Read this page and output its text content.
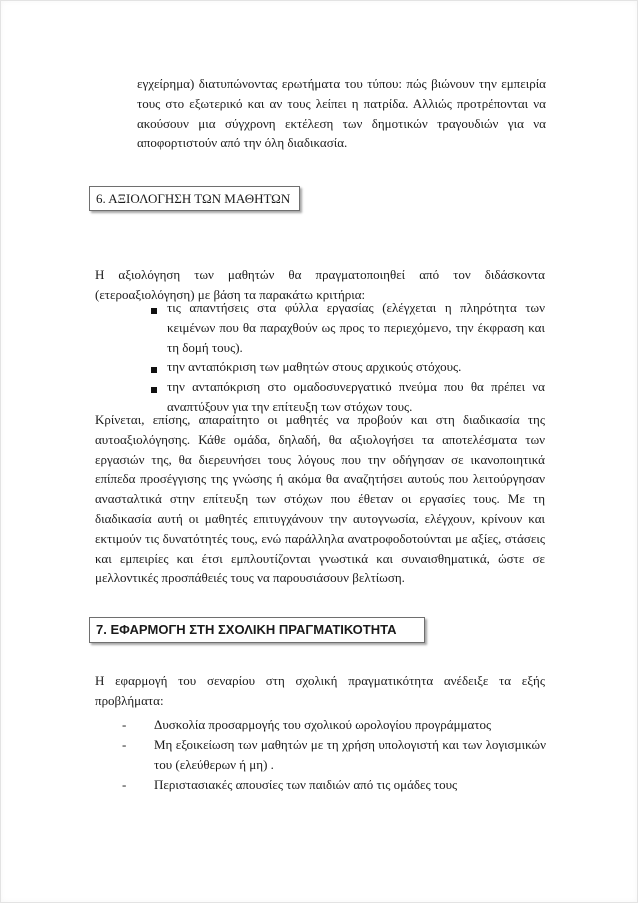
εγχείρημα) διατυπώνοντας ερωτήματα του τύπου: πώς βιώνουν την εμπειρία τους στο εξωτερικό και αν τους λείπει η πατρίδα. Αλλιώς προτρέπονται να ακούσουν μια σύγχρονη εκτέλεση των δημοτικών τραγουδιών για να αποφορτιστούν από την όλη διαδικασία.

6. ΑΞΙΟΛΟΓΗΣΗ ΤΩΝ ΜΑΘΗΤΩΝ

Η αξιολόγηση των μαθητών θα πραγματοποιηθεί από τον διδάσκοντα (ετεροαξιολόγηση) με βάση τα παρακάτω κριτήρια:

τις απαντήσεις στα φύλλα εργασίας (ελέγχεται η πληρότητα των κειμένων που θα παραχθούν ως προς το περιεχόμενο, την έκφραση και τη δομή τους).

την ανταπόκριση των μαθητών στους αρχικούς στόχους.

την ανταπόκριση στο ομαδοσυνεργατικό πνεύμα που θα πρέπει να αναπτύξουν για την επίτευξη των στόχων τους.

Κρίνεται, επίσης, απαραίτητο οι μαθητές να προβούν και στη διαδικασία της αυτοαξιολόγησης. Κάθε ομάδα, δηλαδή, θα αξιολογήσει τα αποτελέσματα των εργασιών της, θα διερευνήσει τους λόγους που την οδήγησαν σε ικανοποιητικά επίπεδα προσέγγισης της γνώσης ή ακόμα θα αναζητήσει αυτούς που λειτούργησαν ανασταλτικά στην επίτευξη των στόχων που έθεταν οι εργασίες τους. Με τη διαδικασία αυτή οι μαθητές επιτυγχάνουν την αυτογνωσία, ελέγχουν, κρίνουν και εκτιμούν τις δυνατότητές τους, ενώ παράλληλα ανατροφοδοτούνται με αξίες, στάσεις και εμπειρίες και έτσι εμπλουτίζονται γνωστικά και συναισθηματικά, ώστε σε μελλοντικές προσπάθειές τους να παρουσιάσουν βελτίωση.

7. ΕΦΑΡΜΟΓΗ ΣΤΗ ΣΧΟΛΙΚΗ ΠΡΑΓΜΑΤΙΚΟΤΗΤΑ

Η εφαρμογή του σεναρίου στη σχολική πραγματικότητα ανέδειξε τα εξής προβλήματα:

- Δυσκολία προσαρμογής του σχολικού ωρολογίου προγράμματος

- Μη εξοικείωση των μαθητών με τη χρήση υπολογιστή και των λογισμικών του (ελεύθερων ή μη) .

- Περιστασιακές απουσίες των παιδιών από τις ομάδες τους
